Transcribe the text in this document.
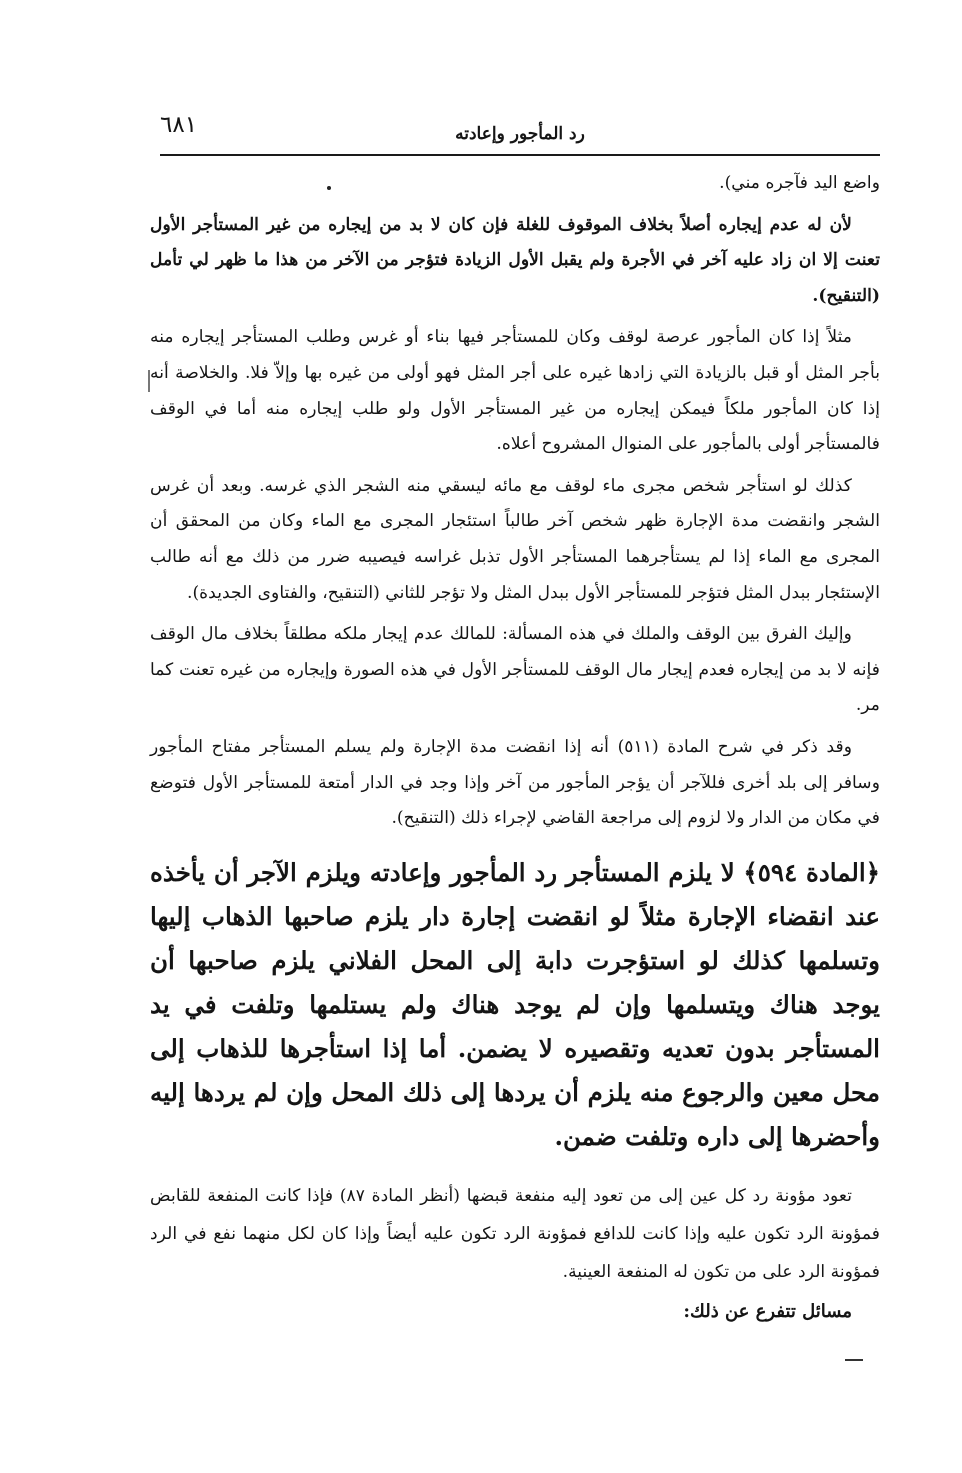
٦٨١	رد المأجور وإعادته

واضع اليد فآجره مني).

لأن له عدم إيجاره أصلاً بخلاف الموقوف للغلة فإن كان لا بد من إيجاره من غير المستأجر الأول تعنت إلا ان زاد عليه آخر في الأجرة ولم يقبل الأول الزيادة فتؤجر من الآخر من هذا ما ظهر لي تأمل (التنقيح).

مثلاً إذا كان المأجور عرصة لوقف وكان للمستأجر فيها بناء أو غرس وطلب المستأجر إيجاره منه بأجر المثل أو قبل بالزيادة التي زادها غيره على أجر المثل فهو أولى من غيره بها وإلاّ فلا. والخلاصة أنه إذا كان المأجور ملكاً فيمكن إيجاره من غير المستأجر الأول ولو طلب إيجاره منه أما في الوقف فالمستأجر أولى بالمأجور على المنوال المشروح أعلاه.

كذلك لو استأجر شخص مجرى ماء لوقف مع مائه ليسقي منه الشجر الذي غرسه. وبعد أن غرس الشجر وانقضت مدة الإجارة ظهر شخص آخر طالباً استئجار المجرى مع الماء وكان من المحقق أن المجرى مع الماء إذا لم يستأجرهما المستأجر الأول تذبل غراسه فيصيبه ضرر من ذلك مع أنه طالب الإستئجار ببدل المثل فتؤجر للمستأجر الأول ببدل المثل ولا تؤجر للثاني (التنقيح، والفتاوى الجديدة).

وإليك الفرق بين الوقف والملك في هذه المسألة: للمالك عدم إيجار ملكه مطلقاً بخلاف مال الوقف فإنه لا بد من إيجاره فعدم إيجار مال الوقف للمستأجر الأول في هذه الصورة وإيجاره من غيره تعنت كما مر.

وقد ذكر في شرح المادة (٥١١) أنه إذا انقضت مدة الإجارة ولم يسلم المستأجر مفتاح المأجور وسافر إلى بلد أخرى فللآجر أن يؤجر المأجور من آخر وإذا وجد في الدار أمتعة للمستأجر الأول فتوضع في مكان من الدار ولا لزوم إلى مراجعة القاضي لإجراء ذلك (التنقيح).

﴿المادة ٥٩٤﴾ لا يلزم المستأجر رد المأجور وإعادته ويلزم الآجر أن يأخذه عند انقضاء الإجارة مثلاً لو انقضت إجارة دار يلزم صاحبها الذهاب إليها وتسلمها كذلك لو استؤجرت دابة إلى المحل الفلاني يلزم صاحبها أن يوجد هناك ويتسلمها وإن لم يوجد هناك ولم يستلمها وتلفت في يد المستأجر بدون تعديه وتقصيره لا يضمن. أما إذا استأجرها للذهاب إلى محل معين والرجوع منه يلزم أن يردها إلى ذلك المحل وإن لم يردها إليه وأحضرها إلى داره وتلفت ضمن.

تعود مؤونة رد كل عين إلى من تعود إليه منفعة قبضها (أنظر المادة ٨٧) فإذا كانت المنفعة للقابض فمؤونة الرد تكون عليه وإذا كانت للدافع فمؤونة الرد تكون عليه أيضاً وإذا كان لكل منهما نفع في الرد فمؤونة الرد على من تكون له المنفعة العينية.

مسائل تتفرع عن ذلك:
